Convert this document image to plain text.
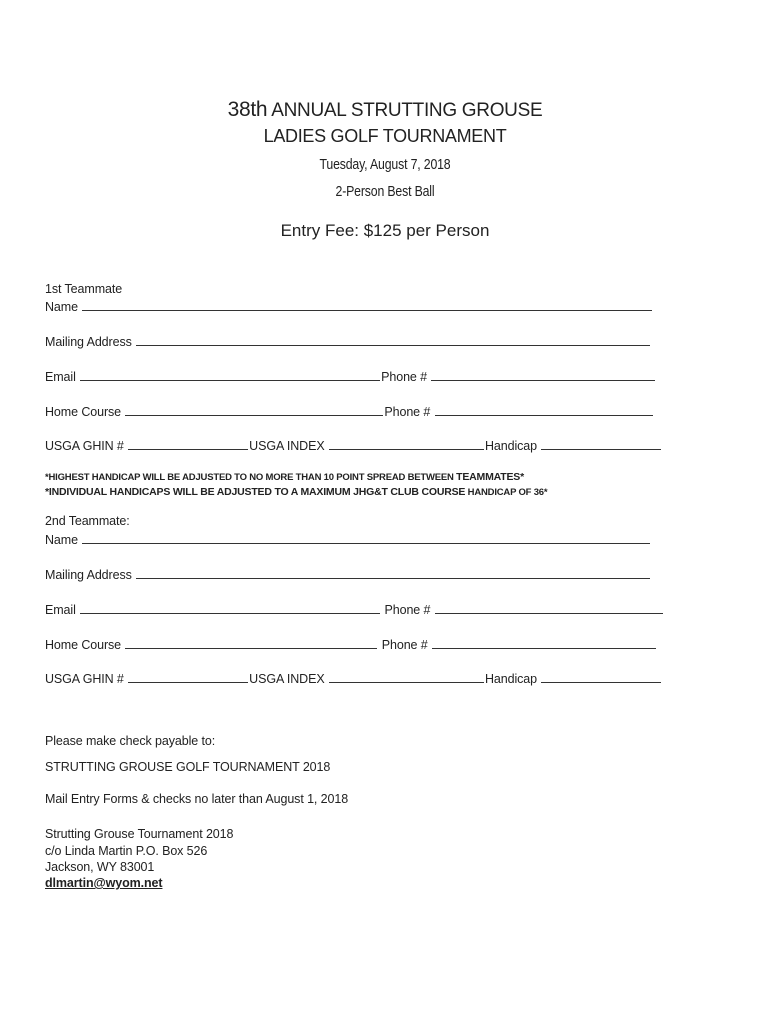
38th ANNUAL STRUTTING GROUSE
LADIES GOLF TOURNAMENT
Tuesday, August 7, 2018
2-Person Best Ball
Entry Fee: $125 per Person
1st Teammate
Name
Mailing Address
Email	Phone #
Home Course	Phone #
USGA GHIN #	USGA INDEX	Handicap
*HIGHEST HANDICAP WILL BE ADJUSTED TO NO MORE THAN 10 POINT SPREAD BETWEEN TEAMMATES*
*INDIVIDUAL HANDICAPS WILL BE ADJUSTED TO A MAXIMUM JHG&T CLUB COURSE HANDICAP OF 36*
2nd Teammate:
Name
Mailing Address
Email	Phone #
Home Course	Phone #
USGA GHIN #	USGA INDEX	Handicap
Please make check payable to:
STRUTTING GROUSE GOLF TOURNAMENT 2018
Mail Entry Forms & checks no later than August 1, 2018
Strutting Grouse Tournament 2018
c/o Linda Martin P.O. Box 526
Jackson, WY 83001
dlmartin@wyom.net
